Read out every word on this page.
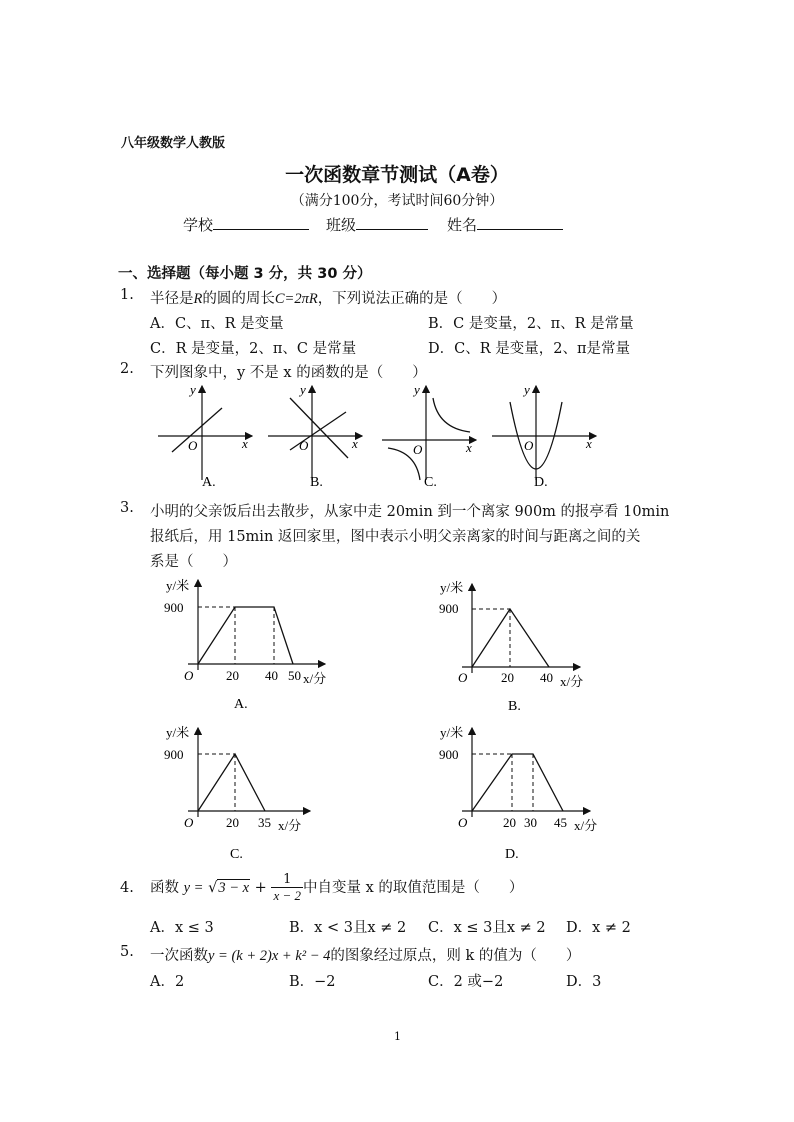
八年级数学人教版
一次函数章节测试（A卷）
（满分100分，考试时间60分钟）
学校	班级	姓名
一、选择题（每小题 3 分，共 30 分）
1. 半径是R的圆的周长C=2πR，下列说法正确的是（　　）
A．C、π、R 是变量	B．C 是变量，2、π、R 是常量
C．R 是变量，2、π、C 是常量	D．C、R 是变量，2、π是常量
2. 下列图象中，y 不是 x 的函数的是（　　）
y
x
O
A.
y
x
O
B.
y
x
O
C.
y
x
O
D.
3. 小明的父亲饭后出去散步，从家中走 20min 到一个离家 900m 的报亭看 10min
报纸后，用 15min 返回家里，图中表示小明父亲离家的时间与距离之间的关
系是（　　）
y/米
900
O	20 40 50 x/分
A.
y/米
900
O	20 40 x/分
B.
y/米
900
O	20 35 x/分
C.
y/米
900
O	20 30 45 x/分
D.
4. 函数 $y = √3 - x + \frac{1}{x - 2}$ 中自变量 x 的取值范围是（　　）
A．x ≤ 3	B．x < 3且x ≠ 2 C．x ≤ 3且x ≠ 2 D．x ≠ 2
5. 一次函数y = (k + 2)x + k² − 4的图象经过原点，则 k 的值为（　　）
A．2	B．−2	C．2 或−2	D．3
1
